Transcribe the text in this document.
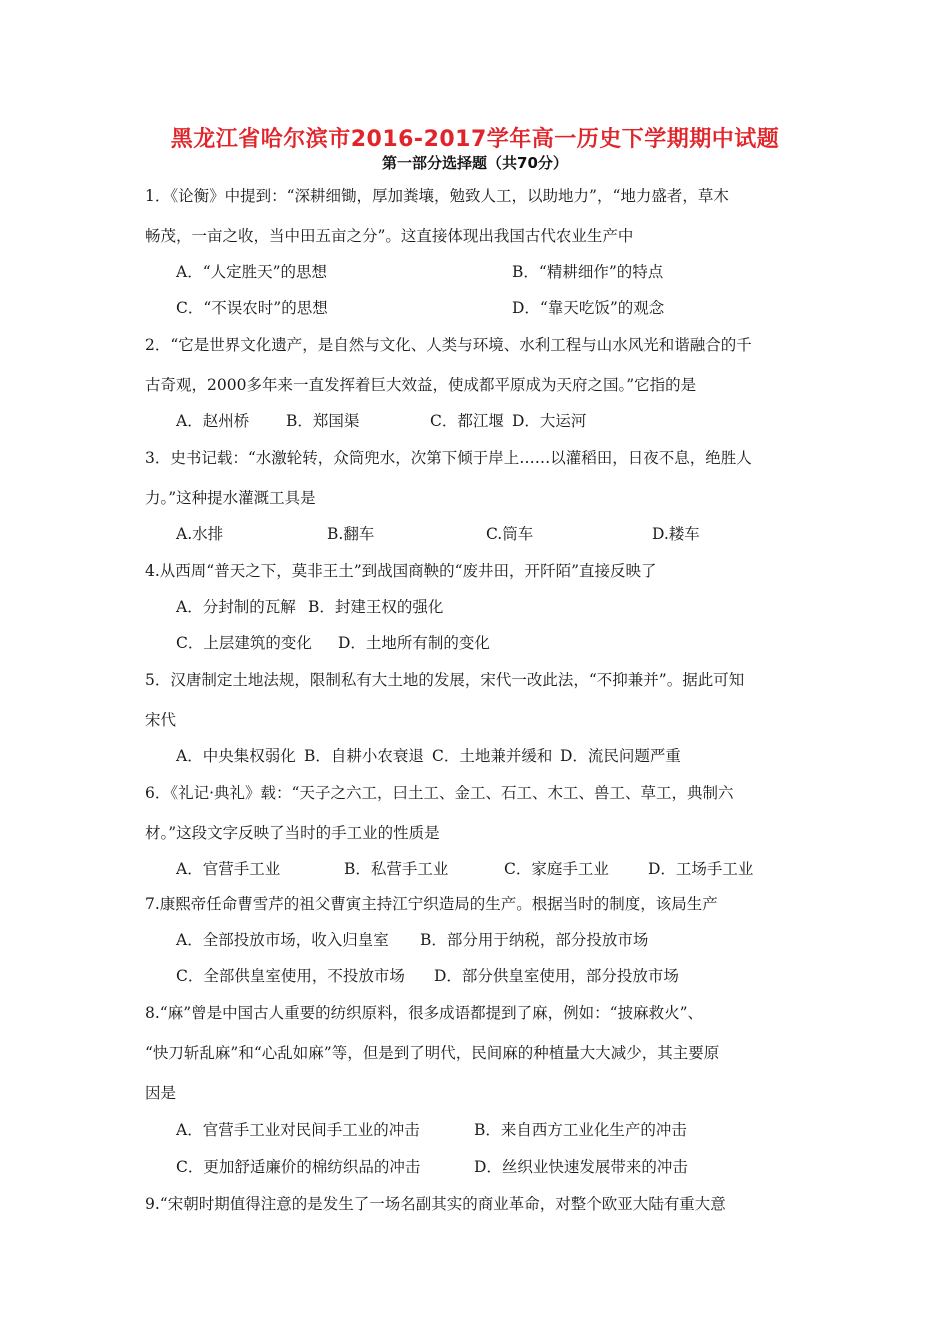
黑龙江省哈尔滨市2016-2017学年高一历史下学期期中试题
第一部分选择题（共70分）
1．《论衡》中提到：“深耕细锄，厚加粪壤，勉致人工，以助地力”，“地力盛者，草木
畅茂，一亩之收，当中田五亩之分”。这直接体现出我国古代农业生产中
A．“人定胜天”的思想	B．“精耕细作”的特点
C．“不误农时”的思想	D．“靠天吃饭”的观念
2．“它是世界文化遗产，是自然与文化、人类与环境、水利工程与山水风光和谐融合的千
古奇观，2000多年来一直发挥着巨大效益，使成都平原成为天府之国。”它指的是
A．赵州桥 B．郑国渠	C．都江堰 D．大运河
3．史书记载：“水激轮转，众筒兜水，次第下倾于岸上……以灌稻田，日夜不息，绝胜人
力。”这种提水灌溉工具是
A.水排	B.翻车	C.筒车	D.耧车
4.从西周“普天之下，莫非王土”到战国商鞅的“废井田，开阡陌”直接反映了
A．分封制的瓦解 B．封建王权的强化
C．上层建筑的变化 D．土地所有制的变化
5．汉唐制定土地法规，限制私有大土地的发展，宋代一改此法，“不抑兼并”。据此可知
宋代
A．中央集权弱化 B．自耕小农衰退 C．土地兼并缓和 D．流民问题严重
6．《礼记·典礼》载：“天子之六工，曰土工、金工、石工、木工、兽工、草工，典制六
材。”这段文字反映了当时的手工业的性质是
A．官营手工业	B．私营手工业	C．家庭手工业	D．工场手工业
7.康熙帝任命曹雪芹的祖父曹寅主持江宁织造局的生产。根据当时的制度，该局生产
A．全部投放市场，收入归皇室 B．部分用于纳税，部分投放市场
C．全部供皇室使用，不投放市场 D．部分供皇室使用，部分投放市场
8.“麻”曾是中国古人重要的纺织原料，很多成语都提到了麻，例如：“披麻救火”、
“快刀斩乱麻”和“心乱如麻”等，但是到了明代，民间麻的种植量大大减少，其主要原
因是
A．官营手工业对民间手工业的冲击	B．来自西方工业化生产的冲击
C．更加舒适廉价的棉纺织品的冲击	D．丝织业快速发展带来的冲击
9.“宋朝时期值得注意的是发生了一场名副其实的商业革命，对整个欧亚大陆有重大意
